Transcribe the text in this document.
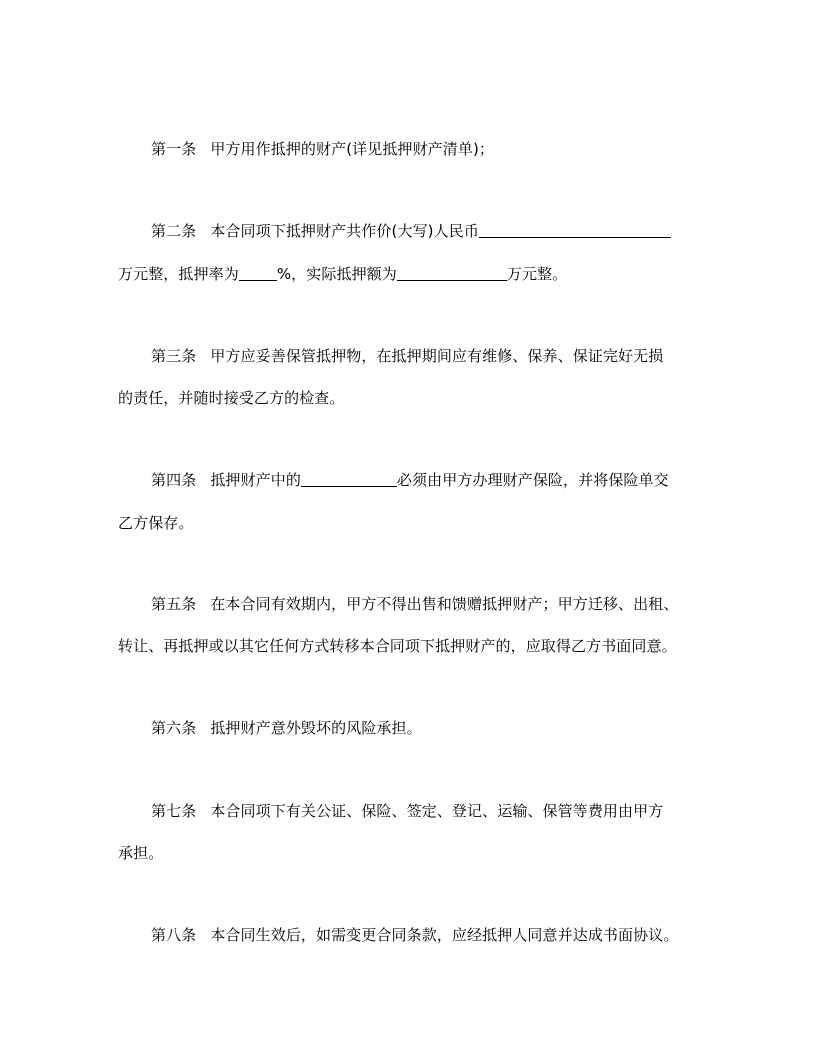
第一条 甲方用作抵押的财产(详见抵押财产清单)；
第二条 本合同项下抵押财产共作价(大写)人民币
万元整，抵押率为	%，实际抵押额为	万元整。
第三条 甲方应妥善保管抵押物，在抵押期间应有维修、保养、保证完好无损
的责任，并随时接受乙方的检查。
第四条 抵押财产中的	必须由甲方办理财产保险，并将保险单交
乙方保存。
第五条 在本合同有效期内，甲方不得出售和馈赠抵押财产；甲方迁移、出租、
转让、再抵押或以其它任何方式转移本合同项下抵押财产的，应取得乙方书面同意。
第六条 抵押财产意外毁坏的风险承担。
第七条 本合同项下有关公证、保险、签定、登记、运输、保管等费用由甲方
承担。
第八条 本合同生效后，如需变更合同条款，应经抵押人同意并达成书面协议。
